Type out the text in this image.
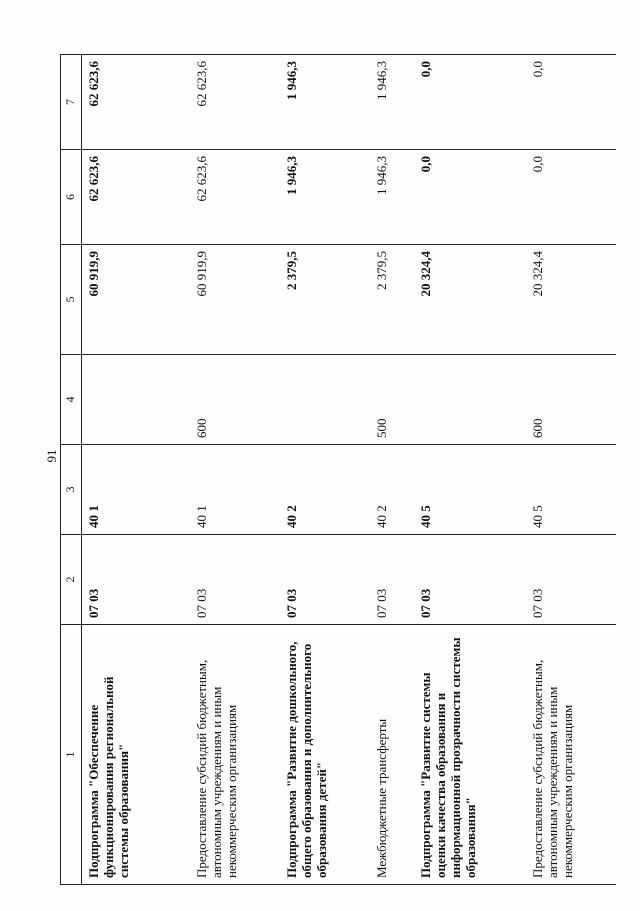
91
1	2	3	4	5	6	7
Подпрограмма "Обеспечение функционирования региональной системы образования"	07 03	40 1		60 919,9	62 623,6	62 623,6
Предоставление субсидий бюджетным, автономным учреждениям и иным некоммерческим организациям	07 03	40 1	600	60 919,9	62 623,6	62 623,6
Подпрограмма "Развитие дошкольного, общего образования и дополнительного образования детей"	07 03	40 2		2 379,5	1 946,3	1 946,3
Межбюджетные трансферты	07 03	40 2	500	2 379,5	1 946,3	1 946,3
Подпрограмма "Развитие системы оценки качества образования и информационной прозрачности системы образования"	07 03	40 5		20 324,4	0,0	0,0
Предоставление субсидий бюджетным, автономным учреждениям и иным некоммерческим организациям	07 03	40 5	600	20 324,4	0,0	0,0
